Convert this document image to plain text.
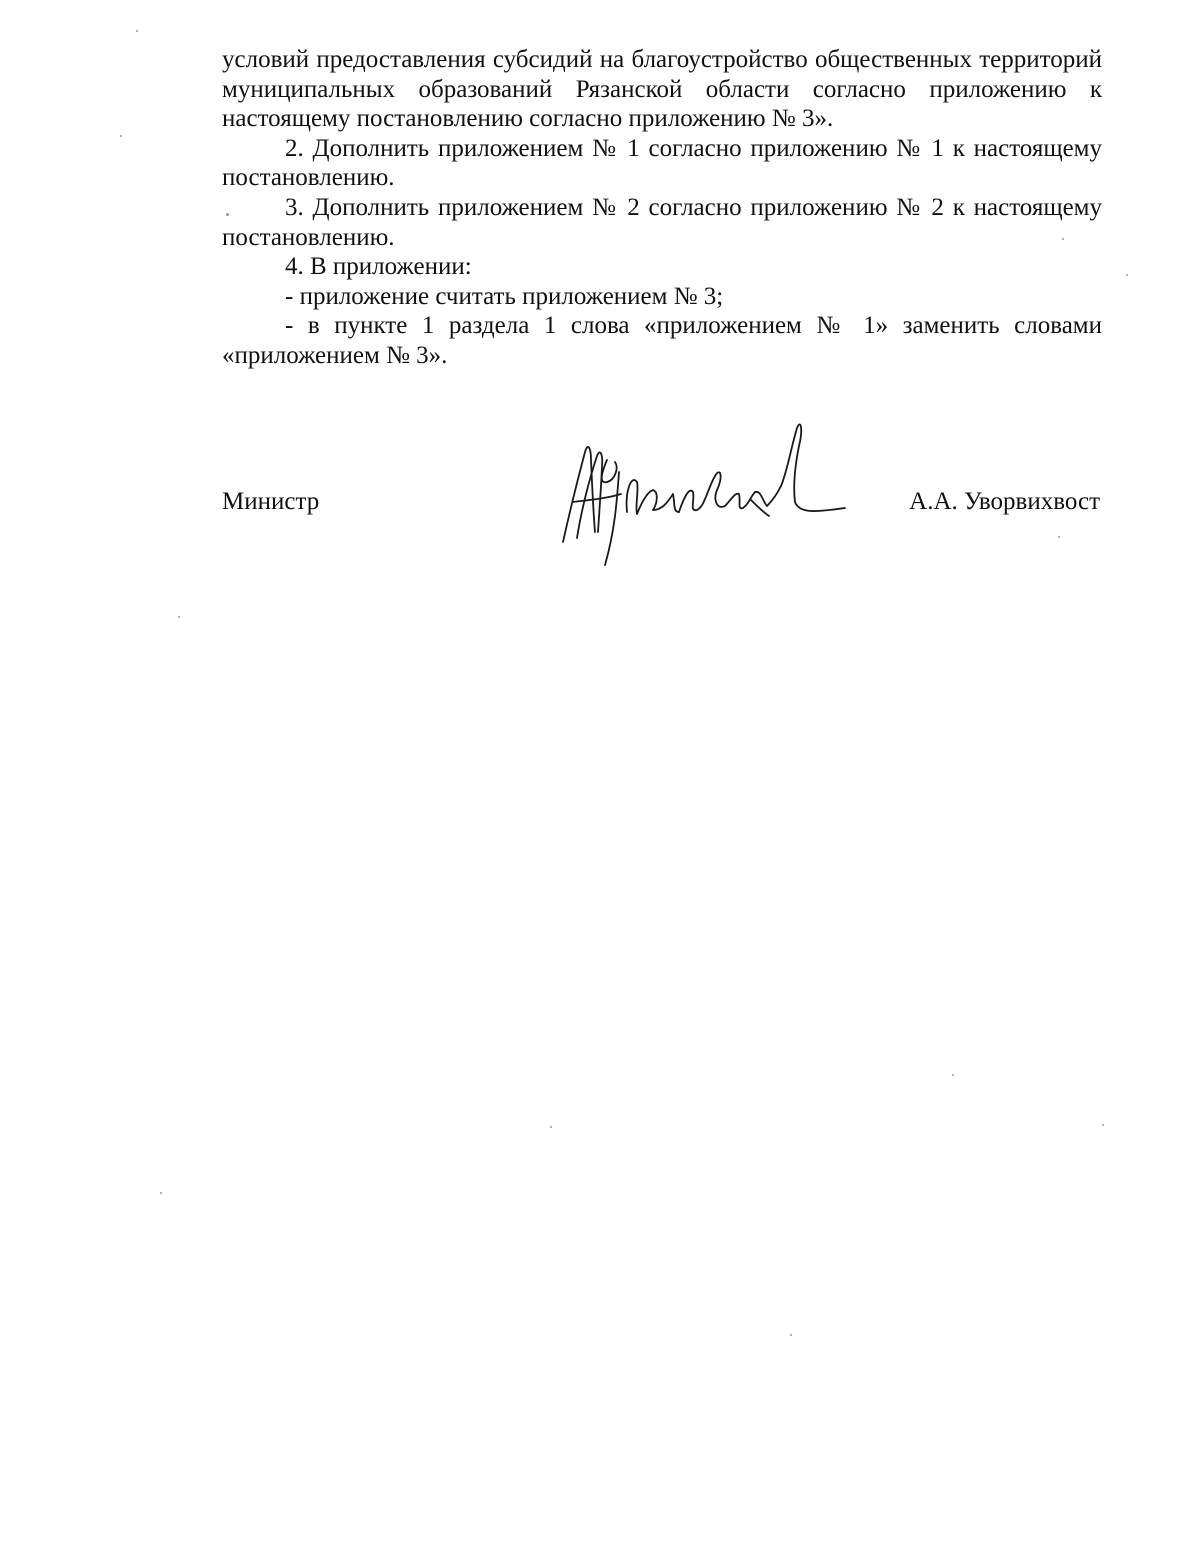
условий предоставления субсидий на благоустройство общественных территорий муниципальных образований Рязанской области согласно приложению к настоящему постановлению согласно приложению № 3».

2. Дополнить приложением № 1 согласно приложению № 1 к настоящему постановлению.

3. Дополнить приложением № 2 согласно приложению № 2 к настоящему постановлению.

4. В приложении:

- приложение считать приложением № 3;

- в пункте 1 раздела 1 слова «приложением № 1» заменить словами «приложением № 3».

Министр	А.А. Уворвихвост
